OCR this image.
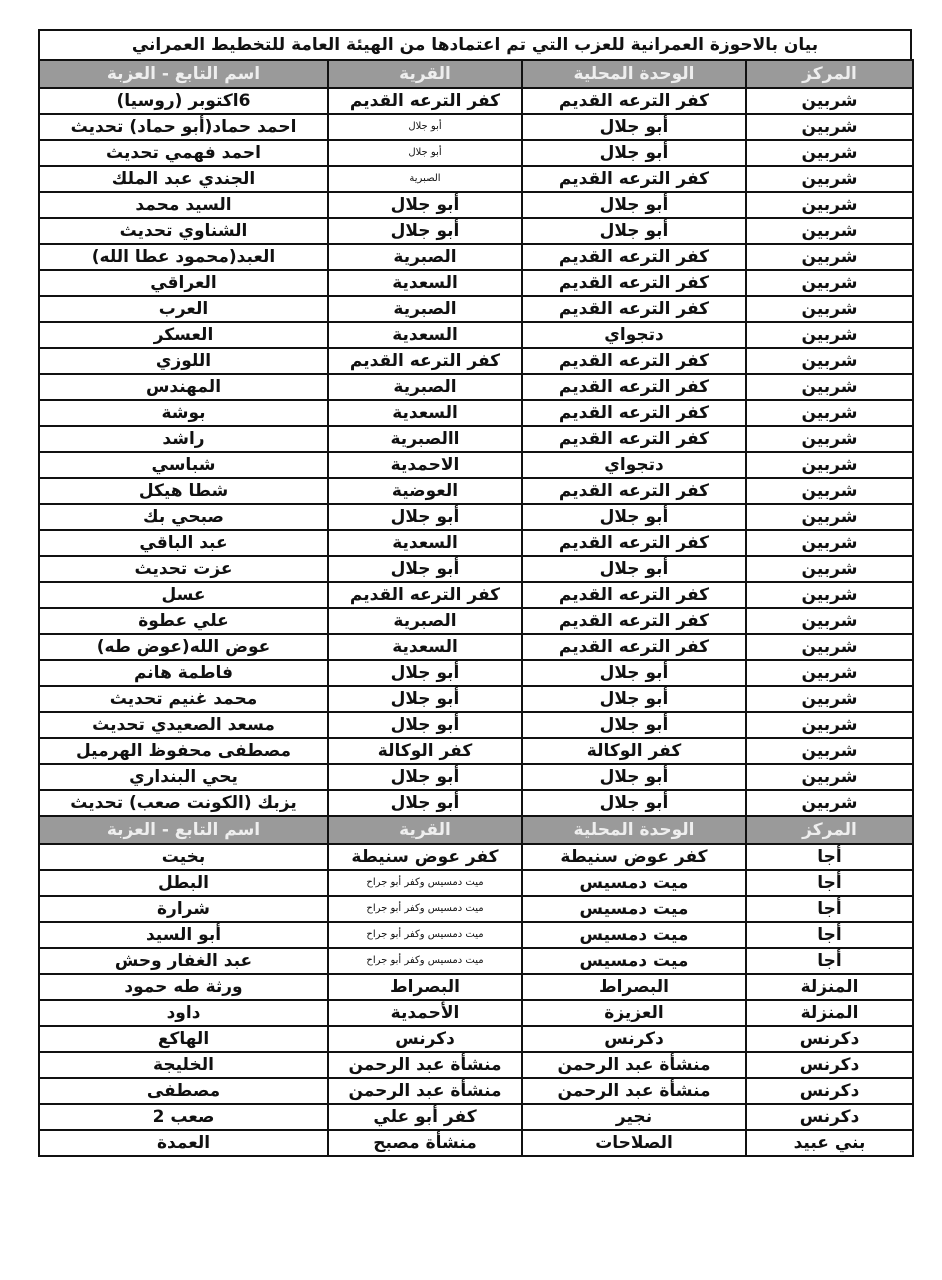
بيان بالاحوزة العمرانية للعزب التي تم اعتمادها من الهيئة العامة للتخطيط العمراني
المركز	الوحدة المحلية	القرية	اسم التابع - العزبة
شربين	كفر الترعه القديم	كفر الترعه القديم	6اكتوبر (روسيا)
شربين	أبو جلال	أبو جلال	احمد حماد(أبو حماد) تحديث
شربين	أبو جلال	أبو جلال	احمد فهمي تحديث
شربين	كفر الترعه القديم	الصبرية	الجندي عبد الملك
شربين	أبو جلال	أبو جلال	السيد محمد
شربين	أبو جلال	أبو جلال	الشناوي تحديث
شربين	كفر الترعه القديم	الصبرية	العبد(محمود عطا الله)
شربين	كفر الترعه القديم	السعدية	العراقي
شربين	كفر الترعه القديم	الصبرية	العرب
شربين	دتجواي	السعدية	العسكر
شربين	كفر الترعه القديم	كفر الترعه القديم	اللوزي
شربين	كفر الترعه القديم	الصبرية	المهندس
شربين	كفر الترعه القديم	السعدية	بوشة
شربين	كفر الترعه القديم	االصبرية	راشد
شربين	دتجواي	الاحمدية	شباسي
شربين	كفر الترعه القديم	العوضية	شطا هيكل
شربين	أبو جلال	أبو جلال	صبحي بك
شربين	كفر الترعه القديم	السعدية	عبد الباقي
شربين	أبو جلال	أبو جلال	عزت تحديث
شربين	كفر الترعه القديم	كفر الترعه القديم	عسل
شربين	كفر الترعه القديم	الصبرية	علي عطوة
شربين	كفر الترعه القديم	السعدية	عوض الله(عوض طه)
شربين	أبو جلال	أبو جلال	فاطمة هانم
شربين	أبو جلال	أبو جلال	محمد غنيم تحديث
شربين	أبو جلال	أبو جلال	مسعد الصعيدي تحديث
شربين	كفر الوكالة	كفر الوكالة	مصطفى محفوظ الهرميل
شربين	أبو جلال	أبو جلال	يحي البنداري
شربين	أبو جلال	أبو جلال	يزبك (الكونت صعب) تحديث
المركز	الوحدة المحلية	القرية	اسم التابع - العزبة
أجا	كفر عوض سنيطة	كفر عوض سنيطة	بخيت
أجا	ميت دمسيس	ميت دمسيس وكفر أبو جراح	البطل
أجا	ميت دمسيس	ميت دمسيس وكفر أبو جراح	شرارة
أجا	ميت دمسيس	ميت دمسيس وكفر أبو جراح	أبو السيد
أجا	ميت دمسيس	ميت دمسيس وكفر أبو جراح	عبد الغفار وحش
المنزلة	البصراط	البصراط	ورثة طه حمود
المنزلة	العزيزة	الأحمدية	داود
دكرنس	دكرنس	دكرنس	الهاكع
دكرنس	منشأة عبد الرحمن	منشأة عبد الرحمن	الخليجة
دكرنس	منشأة عبد الرحمن	منشأة عبد الرحمن	مصطفى
دكرنس	نجير	كفر أبو علي	صعب 2
بني عبيد	الصلاحات	منشأة مصبح	العمدة
